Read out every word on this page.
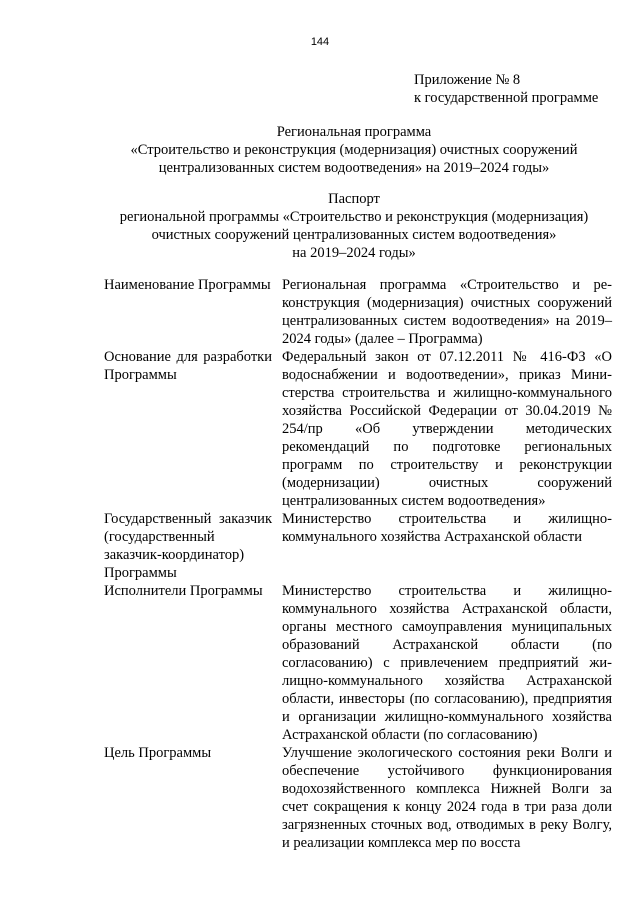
144
Приложение № 8
к государственной программе
Региональная программа
«Строительство и реконструкция (модернизация) очистных сооружений
централизованных систем водоотведения» на 2019–2024 годы»
Паспорт
региональной программы «Строительство и реконструкция (модернизация)
очистных сооружений централизованных систем водоотведения»
на 2019–2024 годы»
Наименование Программы	Региональная программа «Строительство и реконструкция (модернизация) очистных сооружений централизованных систем водоотведения» на 2019–2024 годы» (далее – Программа)
Основание для разработки Программы	Федеральный закон от 07.12.2011 № 416-ФЗ «О водоснабжении и водоотведении», приказ Министерства строительства и жилищно-коммунального хозяйства Российской Федерации от 30.04.2019 № 254/пр «Об утверждении методических рекомендаций по подготовке региональных программ по строительству и реконструкции (модернизации) очистных сооружений централизованных систем водоотведения»
Государственный заказчик (государственный заказчик-координатор) Программы	Министерство строительства и жилищно-коммунального хозяйства Астраханской области
Исполнители Программы	Министерство строительства и жилищно-коммунального хозяйства Астраханской области, органы местного самоуправления муниципальных образований Астраханской области (по согласованию) с привлечением предприятий жилищно-коммунального хозяйства Астраханской области, инвесторы (по согласованию), предприятия и организации жилищно-коммунального хозяйства Астраханской области (по согласованию)
Цель Программы	Улучшение экологического состояния реки Волги и обеспечение устойчивого функционирования водохозяйственного комплекса Нижней Волги за счет сокращения к концу 2024 года в три раза доли загрязненных сточных вод, отводимых в реку Волгу, и реализации комплекса мер по восста
